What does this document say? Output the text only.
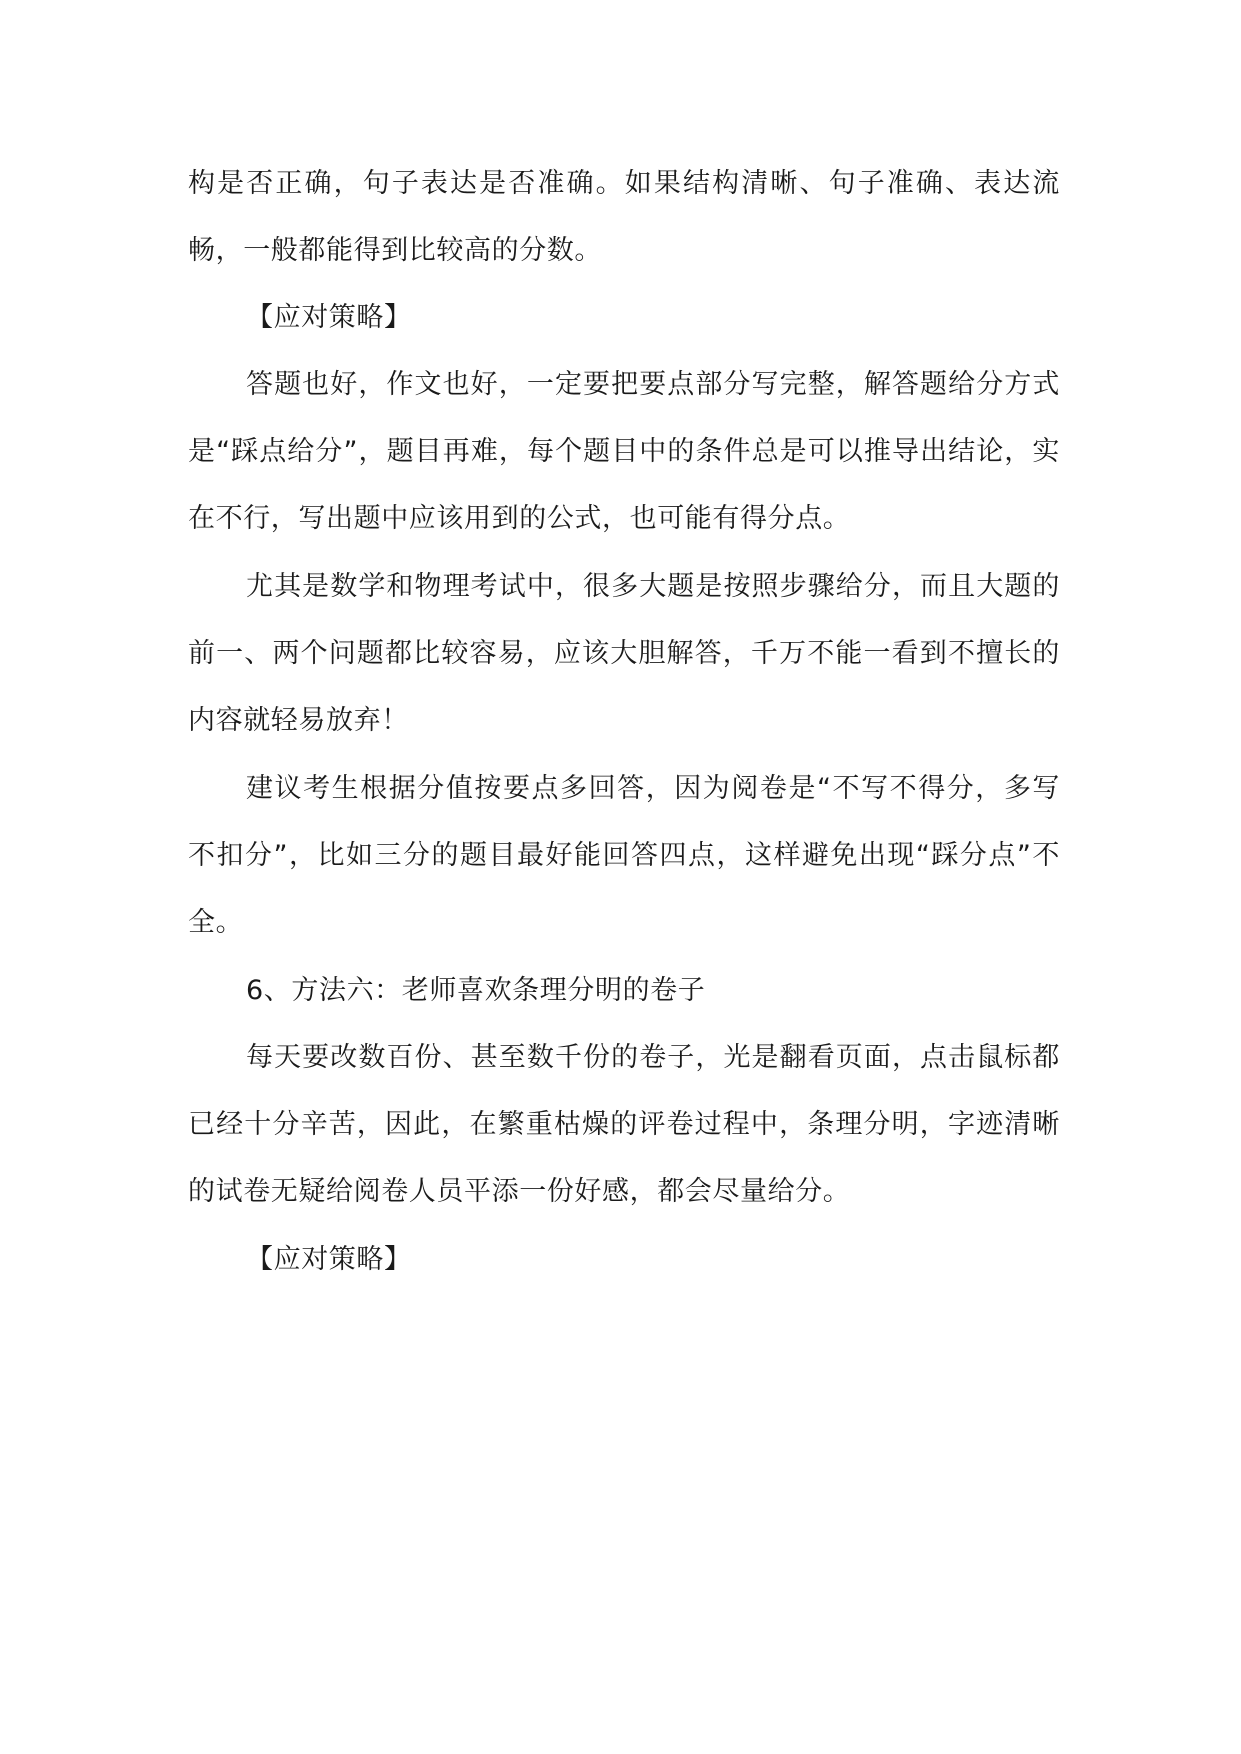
构是否正确，句子表达是否准确。如果结构清晰、句子准确、表达流畅，一般都能得到比较高的分数。

【应对策略】

答题也好，作文也好，一定要把要点部分写完整，解答题给分方式是“踩点给分”，题目再难，每个题目中的条件总是可以推导出结论，实在不行，写出题中应该用到的公式，也可能有得分点。

尤其是数学和物理考试中，很多大题是按照步骤给分，而且大题的前一、两个问题都比较容易，应该大胆解答，千万不能一看到不擅长的内容就轻易放弃！

建议考生根据分值按要点多回答，因为阅卷是“不写不得分，多写不扣分”，比如三分的题目最好能回答四点，这样避免出现“踩分点”不全。

6、方法六：老师喜欢条理分明的卷子

每天要改数百份、甚至数千份的卷子，光是翻看页面，点击鼠标都已经十分辛苦，因此，在繁重枯燥的评卷过程中，条理分明，字迹清晰的试卷无疑给阅卷人员平添一份好感，都会尽量给分。

【应对策略】
